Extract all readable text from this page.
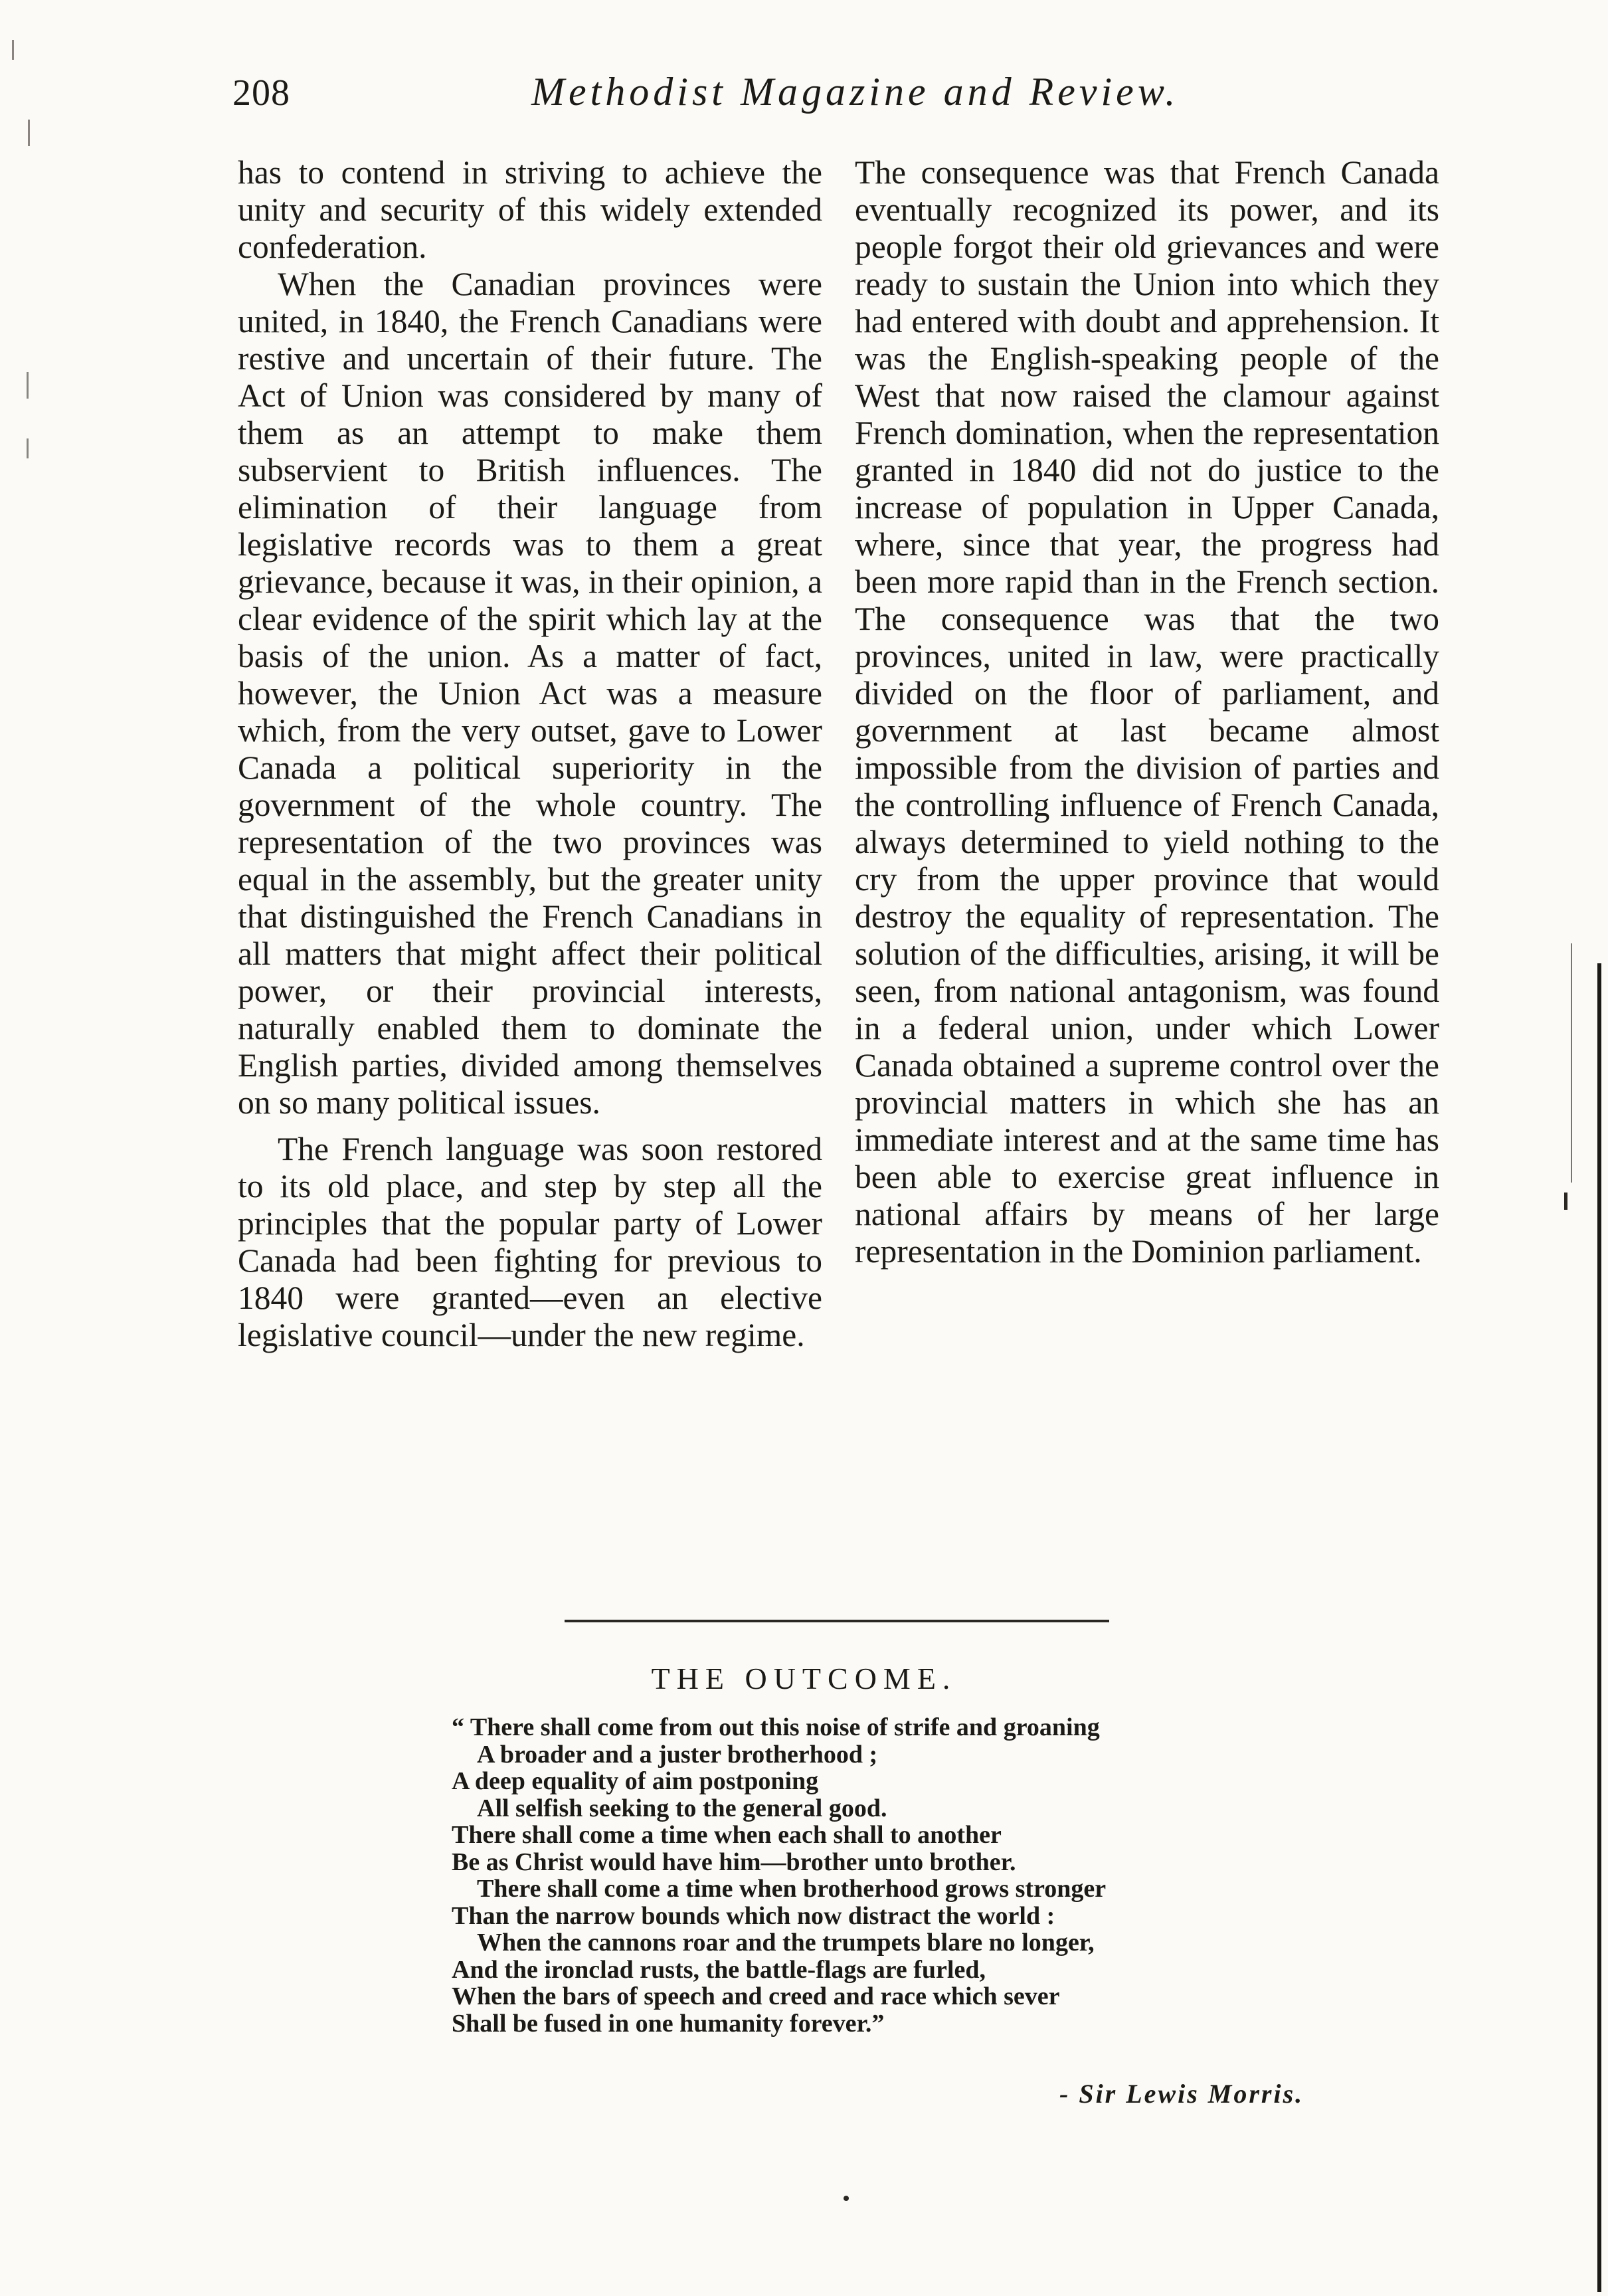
208	Methodist Magazine and Review.

has to contend in striving to achieve the unity and security of this widely extended confederation.

When the Canadian provinces were united, in 1840, the French Canadians were restive and uncertain of their future. The Act of Union was considered by many of them as an attempt to make them subservient to British influences. The elimination of their language from legislative records was to them a great grievance, because it was, in their opinion, a clear evidence of the spirit which lay at the basis of the union. As a matter of fact, however, the Union Act was a measure which, from the very outset, gave to Lower Canada a political superiority in the government of the whole country. The representation of the two provinces was equal in the assembly, but the greater unity that distinguished the French Canadians in all matters that might affect their political power, or their provincial interests, naturally enabled them to dominate the English parties, divided among themselves on so many political issues.

The French language was soon restored to its old place, and step by step all the principles that the popular party of Lower Canada had been fighting for previous to 1840 were granted—even an elective legislative council—under the new regime.

The consequence was that French Canada eventually recognized its power, and its people forgot their old grievances and were ready to sustain the Union into which they had entered with doubt and apprehension. It was the English-speaking people of the West that now raised the clamour against French domination, when the representation granted in 1840 did not do justice to the increase of population in Upper Canada, where, since that year, the progress had been more rapid than in the French section. The consequence was that the two provinces, united in law, were practically divided on the floor of parliament, and government at last became almost impossible from the division of parties and the controlling influence of French Canada, always determined to yield nothing to the cry from the upper province that would destroy the equality of representation. The solution of the difficulties, arising, it will be seen, from national antagonism, was found in a federal union, under which Lower Canada obtained a supreme control over the provincial matters in which she has an immediate interest and at the same time has been able to exercise great influence in national affairs by means of her large representation in the Dominion parliament.

THE OUTCOME.
“ There shall come from out this noise of strife and groaning
A broader and a juster brotherhood ;
A deep equality of aim postponing
All selfish seeking to the general good.
There shall come a time when each shall to another
Be as Christ would have him—brother unto brother.
There shall come a time when brotherhood grows stronger
Than the narrow bounds which now distract the world :
When the cannons roar and the trumpets blare no longer,
And the ironclad rusts, the battle-flags are furled,
When the bars of speech and creed and race which sever
Shall be fused in one humanity forever.”
- Sir Lewis Morris.
